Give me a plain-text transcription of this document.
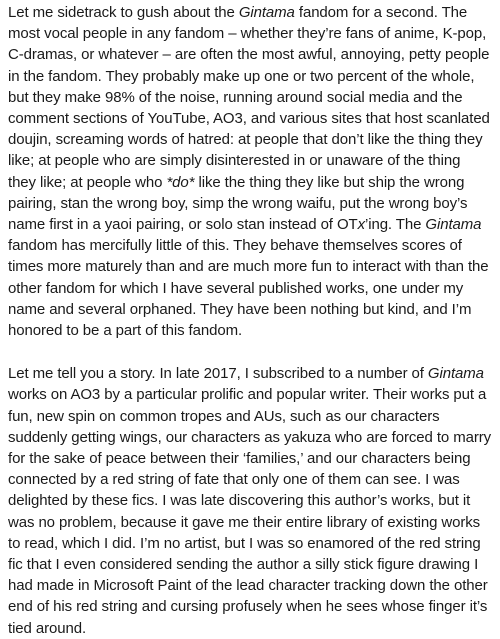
Let me sidetrack to gush about the Gintama fandom for a second. The most vocal people in any fandom – whether they’re fans of anime, K-pop, C-dramas, or whatever – are often the most awful, annoying, petty people in the fandom. They probably make up one or two percent of the whole, but they make 98% of the noise, running around social media and the comment sections of YouTube, AO3, and various sites that host scanlated doujin, screaming words of hatred: at people that don’t like the thing they like; at people who are simply disinterested in or unaware of the thing they like; at people who *do* like the thing they like but ship the wrong pairing, stan the wrong boy, simp the wrong waifu, put the wrong boy’s name first in a yaoi pairing, or solo stan instead of OTx’ing. The Gintama fandom has mercifully little of this. They behave themselves scores of times more maturely than and are much more fun to interact with than the other fandom for which I have several published works, one under my name and several orphaned. They have been nothing but kind, and I’m honored to be a part of this fandom.

Let me tell you a story. In late 2017, I subscribed to a number of Gintama works on AO3 by a particular prolific and popular writer. Their works put a fun, new spin on common tropes and AUs, such as our characters suddenly getting wings, our characters as yakuza who are forced to marry for the sake of peace between their ‘families,’ and our characters being connected by a red string of fate that only one of them can see. I was delighted by these fics. I was late discovering this author’s works, but it was no problem, because it gave me their entire library of existing works to read, which I did. I’m no artist, but I was so enamored of the red string fic that I even considered sending the author a silly stick figure drawing I had made in Microsoft Paint of the lead character tracking down the other end of his red string and cursing profusely when he sees whose finger it’s tied around.
